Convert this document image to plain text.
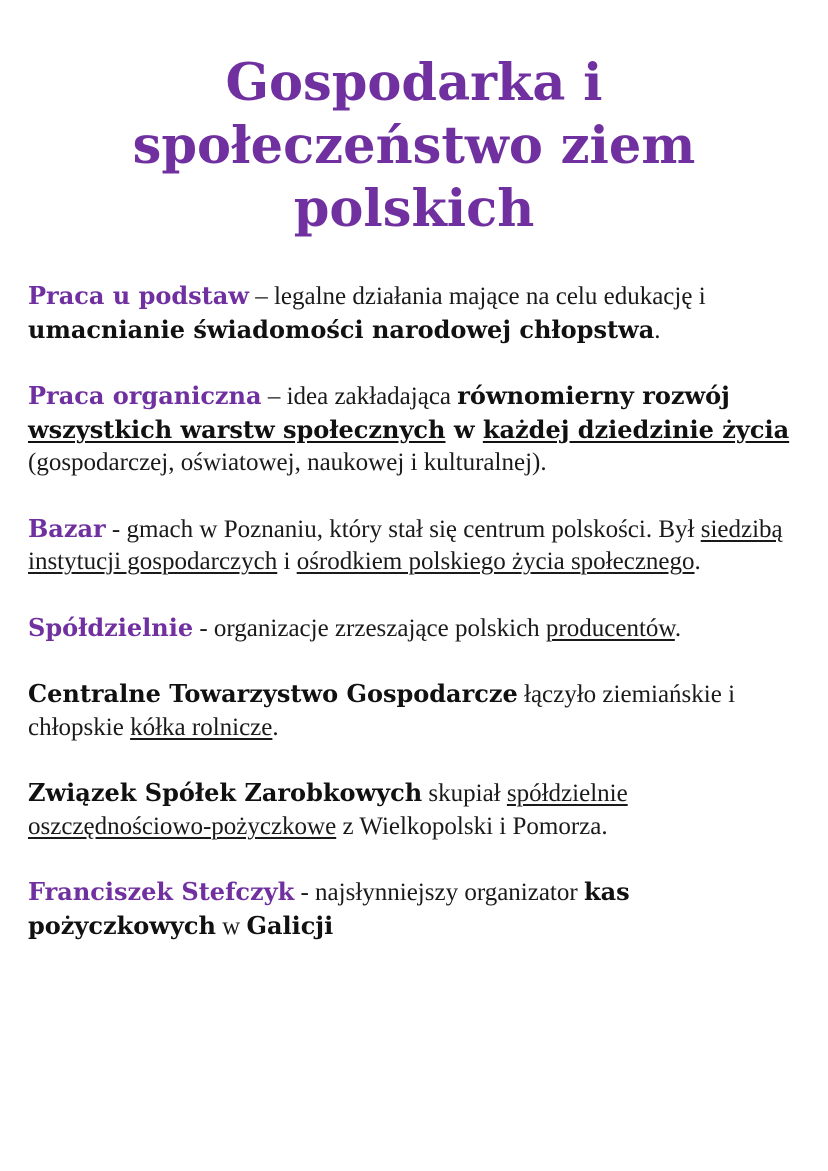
Gospodarka i
społeczeństwo ziem
polskich

Praca u podstaw – legalne działania mające na celu edukację i umacnianie świadomości narodowej chłopstwa.

Praca organiczna – idea zakładająca równomierny rozwój wszystkich warstw społecznych w każdej dziedzinie życia (gospodarczej, oświatowej, naukowej i kulturalnej).

Bazar - gmach w Poznaniu, który stał się centrum polskości. Był siedzibą instytucji gospodarczych i ośrodkiem polskiego życia społecznego.

Spółdzielnie - organizacje zrzeszające polskich producentów.

Centralne Towarzystwo Gospodarcze łączyło ziemiańskie i chłopskie kółka rolnicze.

Związek Spółek Zarobkowych skupiał spółdzielnie oszczędnościowo-pożyczkowe z Wielkopolski i Pomorza.

Franciszek Stefczyk - najsłynniejszy organizator kas pożyczkowych w Galicji
